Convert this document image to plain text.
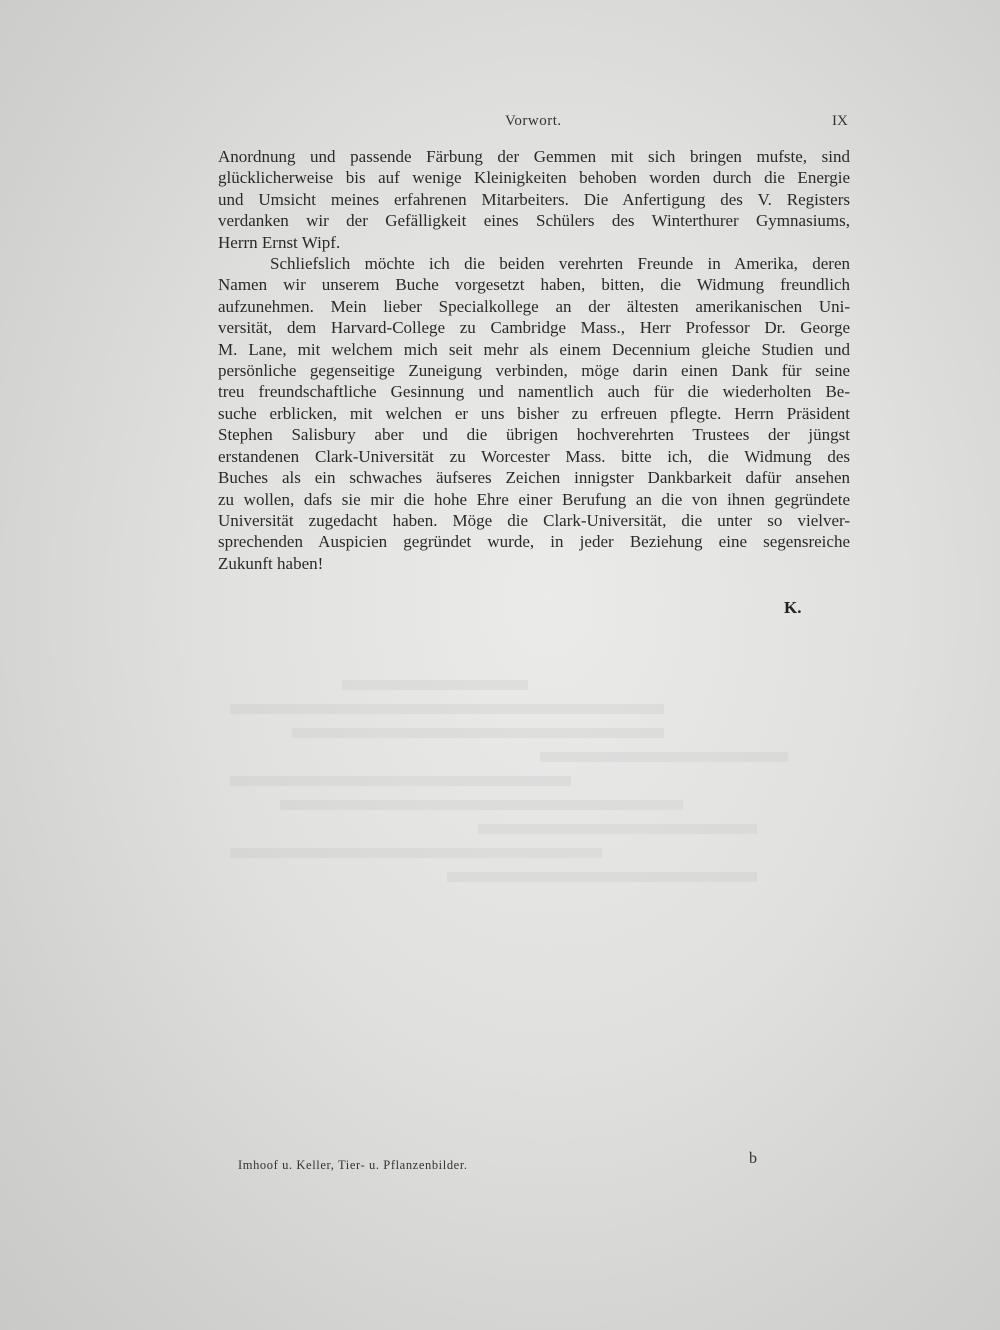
Vorwort.	IX
Anordnung und passende Färbung der Gemmen mit sich bringen mufste, sind
glücklicherweise bis auf wenige Kleinigkeiten behoben worden durch die Energie
und Umsicht meines erfahrenen Mitarbeiters. Die Anfertigung des V. Registers
verdanken wir der Gefälligkeit eines Schülers des Winterthurer Gymnasiums,
Herrn Ernst Wipf.
Schliefslich möchte ich die beiden verehrten Freunde in Amerika, deren
Namen wir unserem Buche vorgesetzt haben, bitten, die Widmung freundlich
aufzunehmen. Mein lieber Specialkollege an der ältesten amerikanischen Uni-
versität, dem Harvard-College zu Cambridge Mass., Herr Professor Dr. George
M. Lane, mit welchem mich seit mehr als einem Decennium gleiche Studien und
persönliche gegenseitige Zuneigung verbinden, möge darin einen Dank für seine
treu freundschaftliche Gesinnung und namentlich auch für die wiederholten Be-
suche erblicken, mit welchen er uns bisher zu erfreuen pflegte. Herrn Präsident
Stephen Salisbury aber und die übrigen hochverehrten Trustees der jüngst
erstandenen Clark-Universität zu Worcester Mass. bitte ich, die Widmung des
Buches als ein schwaches äufseres Zeichen innigster Dankbarkeit dafür ansehen
zu wollen, dafs sie mir die hohe Ehre einer Berufung an die von ihnen gegründete
Universität zugedacht haben. Möge die Clark-Universität, die unter so vielver-
sprechenden Auspicien gegründet wurde, in jeder Beziehung eine segensreiche
Zukunft haben!
K.
Imhoof u. Keller, Tier- u. Pflanzenbilder.	b
